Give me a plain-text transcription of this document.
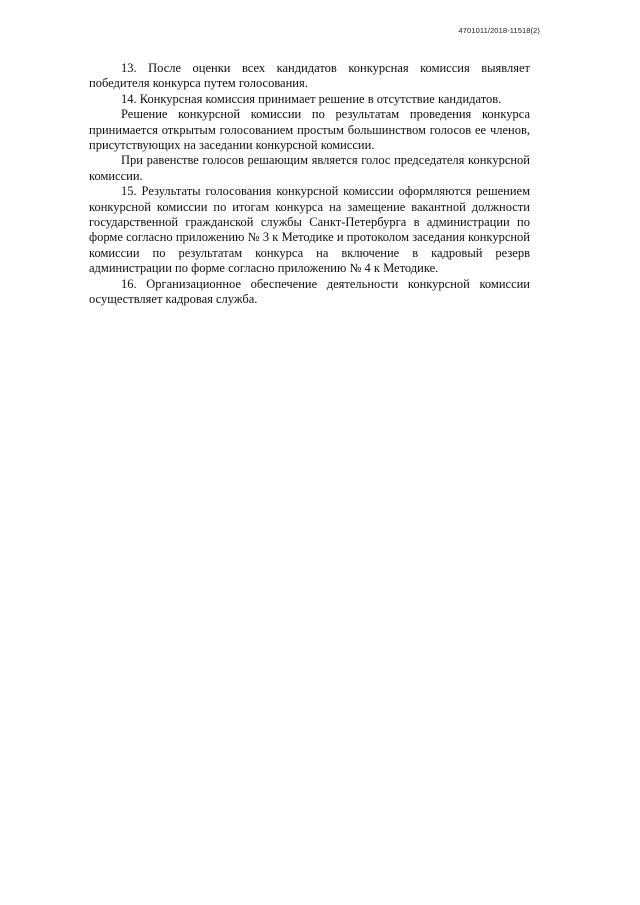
4701011/2018-11518(2)

13. После оценки всех кандидатов конкурсная комиссия выявляет победителя конкурса путем голосования.

14. Конкурсная комиссия принимает решение в отсутствие кандидатов.

Решение конкурсной комиссии по результатам проведения конкурса принимается открытым голосованием простым большинством голосов ее членов, присутствующих на заседании конкурсной комиссии.

При равенстве голосов решающим является голос председателя конкурсной комиссии.

15. Результаты голосования конкурсной комиссии оформляются решением конкурсной комиссии по итогам конкурса на замещение вакантной должности государственной гражданской службы Санкт-Петербурга в администрации по форме согласно приложению № 3 к Методике и протоколом заседания конкурсной комиссии по результатам конкурса на включение в кадровый резерв администрации по форме согласно приложению № 4 к Методике.

16. Организационное обеспечение деятельности конкурсной комиссии осуществляет кадровая служба.
